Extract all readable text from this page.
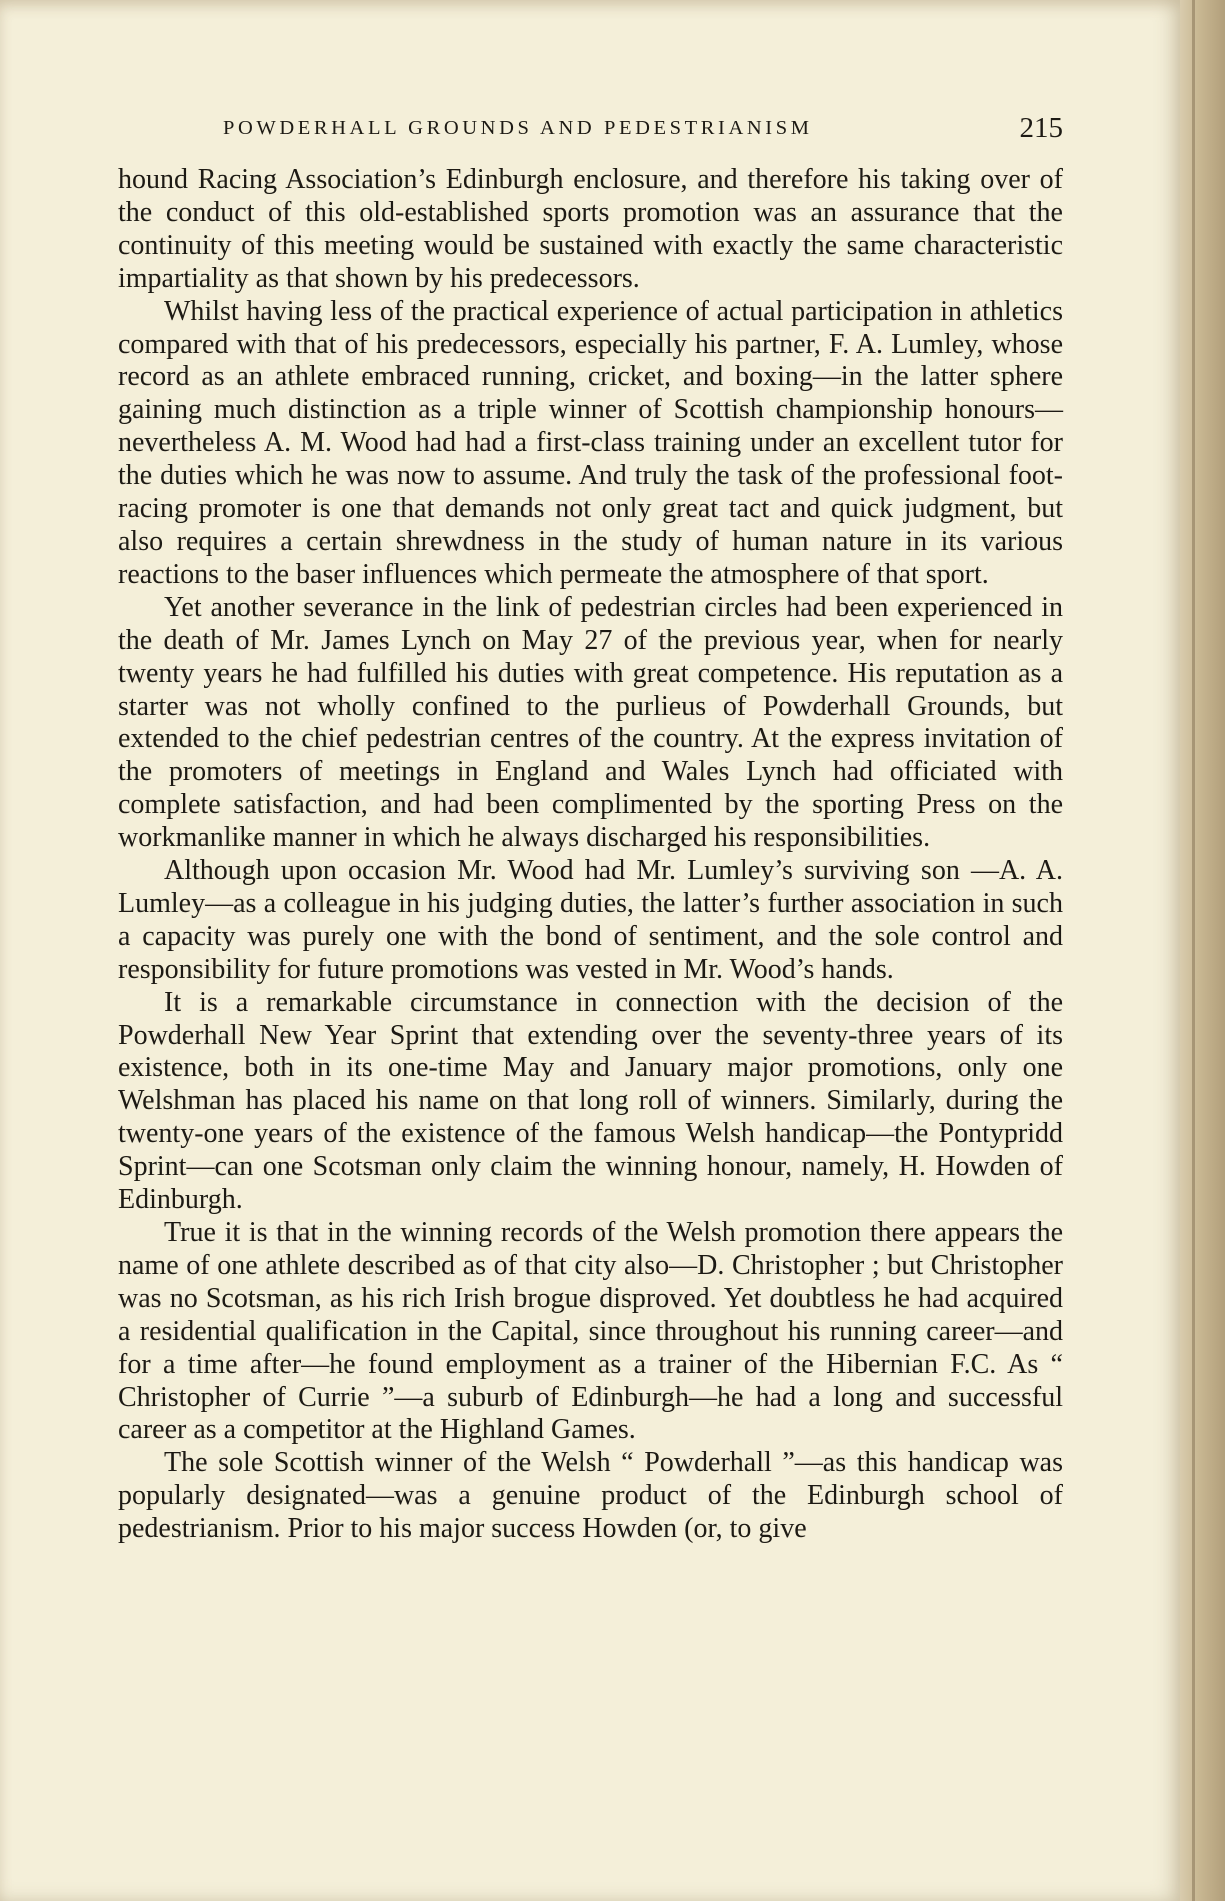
POWDERHALL GROUNDS AND PEDESTRIANISM	215

hound Racing Association’s Edinburgh enclosure, and therefore his taking over of the conduct of this old-established sports promotion was an assurance that the continuity of this meeting would be sustained with exactly the same characteristic impartiality as that shown by his predecessors.

Whilst having less of the practical experience of actual participation in athletics compared with that of his predecessors, especially his partner, F. A. Lumley, whose record as an athlete embraced running, cricket, and boxing—in the latter sphere gaining much distinction as a triple winner of Scottish championship honours—nevertheless A. M. Wood had had a first-class training under an excellent tutor for the duties which he was now to assume. And truly the task of the professional foot-racing promoter is one that demands not only great tact and quick judgment, but also requires a certain shrewdness in the study of human nature in its various reactions to the baser influences which permeate the atmosphere of that sport.

Yet another severance in the link of pedestrian circles had been experienced in the death of Mr. James Lynch on May 27 of the previous year, when for nearly twenty years he had fulfilled his duties with great competence. His reputation as a starter was not wholly confined to the purlieus of Powderhall Grounds, but extended to the chief pedestrian centres of the country. At the express invitation of the promoters of meetings in England and Wales Lynch had officiated with complete satisfaction, and had been complimented by the sporting Press on the workmanlike manner in which he always discharged his responsibilities.

Although upon occasion Mr. Wood had Mr. Lumley’s surviving son —A. A. Lumley—as a colleague in his judging duties, the latter’s further association in such a capacity was purely one with the bond of sentiment, and the sole control and responsibility for future promotions was vested in Mr. Wood’s hands.

It is a remarkable circumstance in connection with the decision of the Powderhall New Year Sprint that extending over the seventy-three years of its existence, both in its one-time May and January major promotions, only one Welshman has placed his name on that long roll of winners. Similarly, during the twenty-one years of the existence of the famous Welsh handicap—the Pontypridd Sprint—can one Scotsman only claim the winning honour, namely, H. Howden of Edinburgh.

True it is that in the winning records of the Welsh promotion there appears the name of one athlete described as of that city also—D. Christopher ; but Christopher was no Scotsman, as his rich Irish brogue disproved. Yet doubtless he had acquired a residential qualification in the Capital, since throughout his running career—and for a time after—he found employment as a trainer of the Hibernian F.C. As “ Christopher of Currie ”—a suburb of Edinburgh—he had a long and successful career as a competitor at the Highland Games.

The sole Scottish winner of the Welsh “ Powderhall ”—as this handicap was popularly designated—was a genuine product of the Edinburgh school of pedestrianism. Prior to his major success Howden (or, to give
